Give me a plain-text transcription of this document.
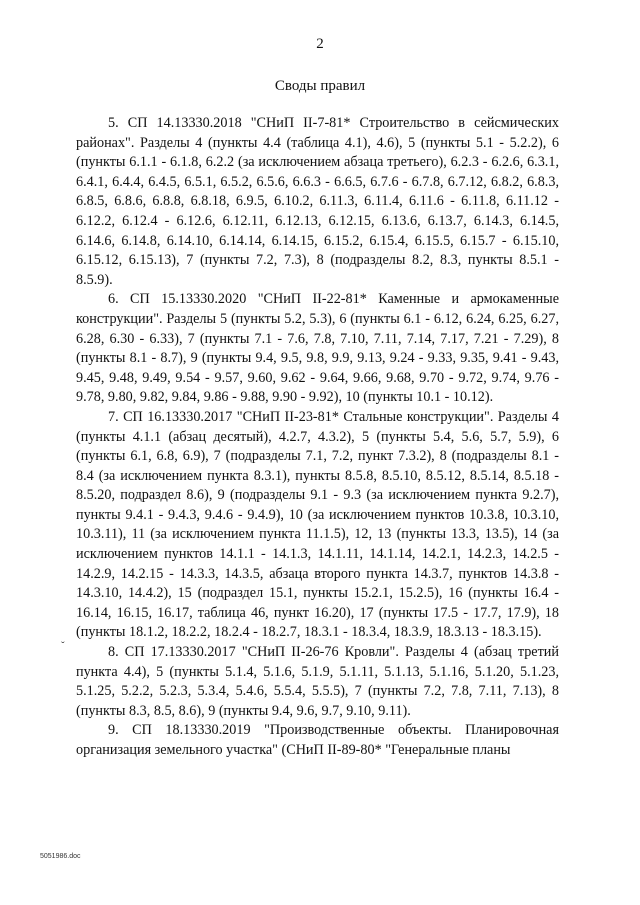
2
Своды правил

5. СП 14.13330.2018 "СНиП II-7-81* Строительство в сейсмических районах". Разделы 4 (пункты 4.4 (таблица 4.1), 4.6), 5 (пункты 5.1 - 5.2.2), 6 (пункты 6.1.1 - 6.1.8, 6.2.2 (за исключением абзаца третьего), 6.2.3 - 6.2.6, 6.3.1, 6.4.1, 6.4.4, 6.4.5, 6.5.1, 6.5.2, 6.5.6, 6.6.3 - 6.6.5, 6.7.6 - 6.7.8, 6.7.12, 6.8.2, 6.8.3, 6.8.5, 6.8.6, 6.8.8, 6.8.18, 6.9.5, 6.10.2, 6.11.3, 6.11.4, 6.11.6 - 6.11.8, 6.11.12 - 6.12.2, 6.12.4 - 6.12.6, 6.12.11, 6.12.13, 6.12.15, 6.13.6, 6.13.7, 6.14.3, 6.14.5, 6.14.6, 6.14.8, 6.14.10, 6.14.14, 6.14.15, 6.15.2, 6.15.4, 6.15.5, 6.15.7 - 6.15.10, 6.15.12, 6.15.13), 7 (пункты 7.2, 7.3), 8 (подразделы 8.2, 8.3, пункты 8.5.1 - 8.5.9).

6. СП 15.13330.2020 "СНиП II-22-81* Каменные и армокаменные конструкции". Разделы 5 (пункты 5.2, 5.3), 6 (пункты 6.1 - 6.12, 6.24, 6.25, 6.27, 6.28, 6.30 - 6.33), 7 (пункты 7.1 - 7.6, 7.8, 7.10, 7.11, 7.14, 7.17, 7.21 - 7.29), 8 (пункты 8.1 - 8.7), 9 (пункты 9.4, 9.5, 9.8, 9.9, 9.13, 9.24 - 9.33, 9.35, 9.41 - 9.43, 9.45, 9.48, 9.49, 9.54 - 9.57, 9.60, 9.62 - 9.64, 9.66, 9.68, 9.70 - 9.72, 9.74, 9.76 - 9.78, 9.80, 9.82, 9.84, 9.86 - 9.88, 9.90 - 9.92), 10 (пункты 10.1 - 10.12).

7. СП 16.13330.2017 "СНиП II-23-81* Стальные конструкции". Разделы 4 (пункты 4.1.1 (абзац десятый), 4.2.7, 4.3.2), 5 (пункты 5.4, 5.6, 5.7, 5.9), 6 (пункты 6.1, 6.8, 6.9), 7 (подразделы 7.1, 7.2, пункт 7.3.2), 8 (подразделы 8.1 - 8.4 (за исключением пункта 8.3.1), пункты 8.5.8, 8.5.10, 8.5.12, 8.5.14, 8.5.18 - 8.5.20, подраздел 8.6), 9 (подразделы 9.1 - 9.3 (за исключением пункта 9.2.7), пункты 9.4.1 - 9.4.3, 9.4.6 - 9.4.9), 10 (за исключением пунктов 10.3.8, 10.3.10, 10.3.11), 11 (за исключением пункта 11.1.5), 12, 13 (пункты 13.3, 13.5), 14 (за исключением пунктов 14.1.1 - 14.1.3, 14.1.11, 14.1.14, 14.2.1, 14.2.3, 14.2.5 - 14.2.9, 14.2.15 - 14.3.3, 14.3.5, абзаца второго пункта 14.3.7, пунктов 14.3.8 - 14.3.10, 14.4.2), 15 (подраздел 15.1, пункты 15.2.1, 15.2.5), 16 (пункты 16.4 - 16.14, 16.15, 16.17, таблица 46, пункт 16.20), 17 (пункты 17.5 - 17.7, 17.9), 18 (пункты 18.1.2, 18.2.2, 18.2.4 - 18.2.7, 18.3.1 - 18.3.4, 18.3.9, 18.3.13 - 18.3.15).

8. СП 17.13330.2017 "СНиП II-26-76 Кровли". Разделы 4 (абзац третий пункта 4.4), 5 (пункты 5.1.4, 5.1.6, 5.1.9, 5.1.11, 5.1.13, 5.1.16, 5.1.20, 5.1.23, 5.1.25, 5.2.2, 5.2.3, 5.3.4, 5.4.6, 5.5.4, 5.5.5), 7 (пункты 7.2, 7.8, 7.11, 7.13), 8 (пункты 8.3, 8.5, 8.6), 9 (пункты 9.4, 9.6, 9.7, 9.10, 9.11).

9. СП 18.13330.2019 "Производственные объекты. Планировочная организация земельного участка" (СНиП II-89-80* "Генеральные планы

ˇ
5051986.doc
